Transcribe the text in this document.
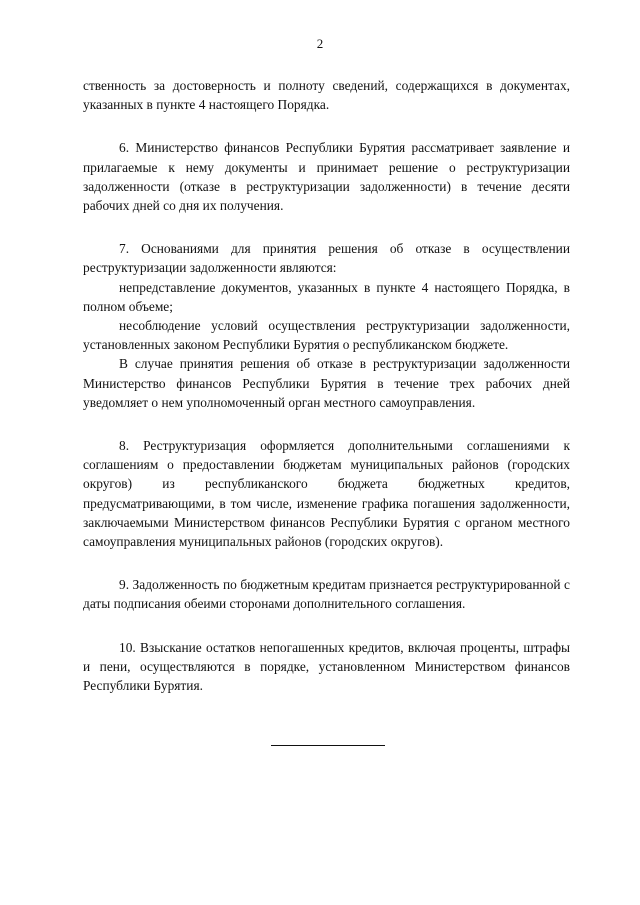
2

ственность за достоверность и полноту сведений, содержащихся в документах, указанных в пункте 4 настоящего Порядка.

6. Министерство финансов Республики Бурятия рассматривает заявление и прилагаемые к нему документы и принимает решение о реструктуризации задолженности (отказе в реструктуризации задолженности) в течение десяти рабочих дней со дня их получения.

7. Основаниями для принятия решения об отказе в осуществлении реструктуризации задолженности являются:

непредставление документов, указанных в пункте 4 настоящего Порядка, в полном объеме;

несоблюдение условий осуществления реструктуризации задолженности, установленных законом Республики Бурятия о республиканском бюджете.

В случае принятия решения об отказе в реструктуризации задолженности Министерство финансов Республики Бурятия в течение трех рабочих дней уведомляет о нем уполномоченный орган местного самоуправления.

8. Реструктуризация оформляется дополнительными соглашениями к соглашениям о предоставлении бюджетам муниципальных районов (городских округов) из республиканского бюджета бюджетных кредитов, предусматривающими, в том числе, изменение графика погашения задолженности, заключаемыми Министерством финансов Республики Бурятия с органом местного самоуправления муниципальных районов (городских округов).

9. Задолженность по бюджетным кредитам признается реструктурированной с даты подписания обеими сторонами дополнительного соглашения.

10. Взыскание остатков непогашенных кредитов, включая проценты, штрафы и пени, осуществляются в порядке, установленном Министерством финансов Республики Бурятия.
